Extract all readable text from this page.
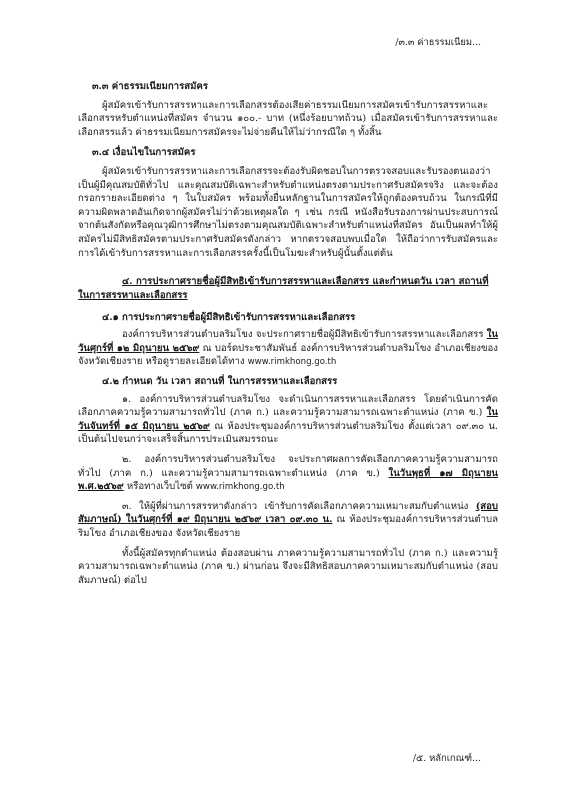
/๓.๓ ค่าธรรมเนียม...

๓.๓ ค่าธรรมเนียมการสมัคร

ผู้สมัครเข้ารับการสรรหาและการเลือกสรรต้องเสียค่าธรรมเนียมการสมัครเข้ารับการสรรหาและเลือกสรรหรับตำแหน่งที่สมัคร จำนวน ๑๐๐.- บาท (หนึ่งร้อยบาทถ้วน) เมื่อสมัครเข้ารับการสรรหาและเลือกสรรแล้ว ค่าธรรมเนียมการสมัครจะไม่จ่ายคืนให้ไม่ว่ากรณีใด ๆ ทั้งสิ้น

๓.๔ เงื่อนไขในการสมัคร

ผู้สมัครเข้ารับการสรรหาและการเลือกสรรจะต้องรับผิดชอบในการตรวจสอบและรับรองตนเองว่าเป็นผู้มีคุณสมบัติทั่วไป และคุณสมบัติเฉพาะสำหรับตำแหน่งตรงตามประกาศรับสมัครจริง และจะต้องกรอกรายละเอียดต่าง ๆ ในใบสมัคร พร้อมทั้งยื่นหลักฐานในการสมัครให้ถูกต้องครบถ้วน ในกรณีที่มีความผิดพลาดอันเกิดจากผู้สมัครไม่ว่าด้วยเหตุผลใด ๆ เช่น กรณี หนังสือรับรองการผ่านประสบการณ์จากต้นสังกัดหรือคุณวุฒิการศึกษาไม่ตรงตามคุณสมบัติเฉพาะสำหรับตำแหน่งที่สมัคร อันเป็นผลทำให้ผู้สมัครไม่มีสิทธิสมัครตามประกาศรับสมัครดังกล่าว หากตรวจสอบพบเมื่อใด ให้ถือว่าการรับสมัครและการได้เข้ารับการสรรหาและการเลือกสรรครั้งนี้เป็นโมฆะสำหรับผู้นั้นตั้งแต่ต้น

๔. การประกาศรายชื่อผู้มีสิทธิเข้ารับการสรรหาและเลือกสรร และกำหนดวัน เวลา สถานที่ในการสรรหาและเลือกสรร

๔.๑ การประกาศรายชื่อผู้มีสิทธิเข้ารับการสรรหาและเลือกสรร

องค์การบริหารส่วนตำบลริมโขง จะประกาศรายชื่อผู้มีสิทธิเข้ารับการสรรหาและเลือกสรร ในวันศุกร์ที่ ๑๒ มิถุนายน ๒๕๖๙ ณ บอร์ดประชาสัมพันธ์ องค์การบริหารส่วนตำบลริมโขง อำเภอเชียงของ จังหวัดเชียงราย หรือดูรายละเอียดได้ทาง www.rimkhong.go.th

๔.๒ กำหนด วัน เวลา สถานที่ ในการสรรหาและเลือกสรร

๑. องค์การบริหารส่วนตำบลริมโขง จะดำเนินการสรรหาและเลือกสรร โดยดำเนินการคัดเลือกภาคความรู้ความสามารถทั่วไป (ภาค ก.) และความรู้ความสามารถเฉพาะตำแหน่ง (ภาค ข.) ในวันจันทร์ที่ ๑๕ มิถุนายน ๒๕๖๙ ณ ห้องประชุมองค์การบริหารส่วนตำบลริมโขง ตั้งแต่เวลา ๐๙.๓๐ น. เป็นต้นไปจนกว่าจะเสร็จสิ้นการประเมินสมรรถนะ

๒. องค์การบริหารส่วนตำบลริมโขง จะประกาศผลการคัดเลือกภาคความรู้ความสามารถทั่วไป (ภาค ก.) และความรู้ความสามารถเฉพาะตำแหน่ง (ภาค ข.) ในวันพุธที่ ๑๗ มิถุนายน พ.ศ.๒๕๖๙ หรือทางเว็บไซต์ www.rimkhong.go.th

๓. ให้ผู้ที่ผ่านการสรรหาดังกล่าว เข้ารับการคัดเลือกภาคความเหมาะสมกับตำแหน่ง (สอบสัมภาษณ์) ในวันศุกร์ที่ ๑๙ มิถุนายน ๒๕๖๙ เวลา ๐๙.๓๐ น. ณ ห้องประชุมองค์การบริหารส่วนตำบลริมโขง อำเภอเชียงของ จังหวัดเชียงราย

ทั้งนี้ผู้สมัครทุกตำแหน่ง ต้องสอบผ่าน ภาคความรู้ความสามารถทั่วไป (ภาค ก.) และความรู้ความสามารถเฉพาะตำแหน่ง (ภาค ข.) ผ่านก่อน จึงจะมีสิทธิสอบภาคความเหมาะสมกับตำแหน่ง (สอบสัมภาษณ์) ต่อไป

/๕. หลักเกณฑ์...
